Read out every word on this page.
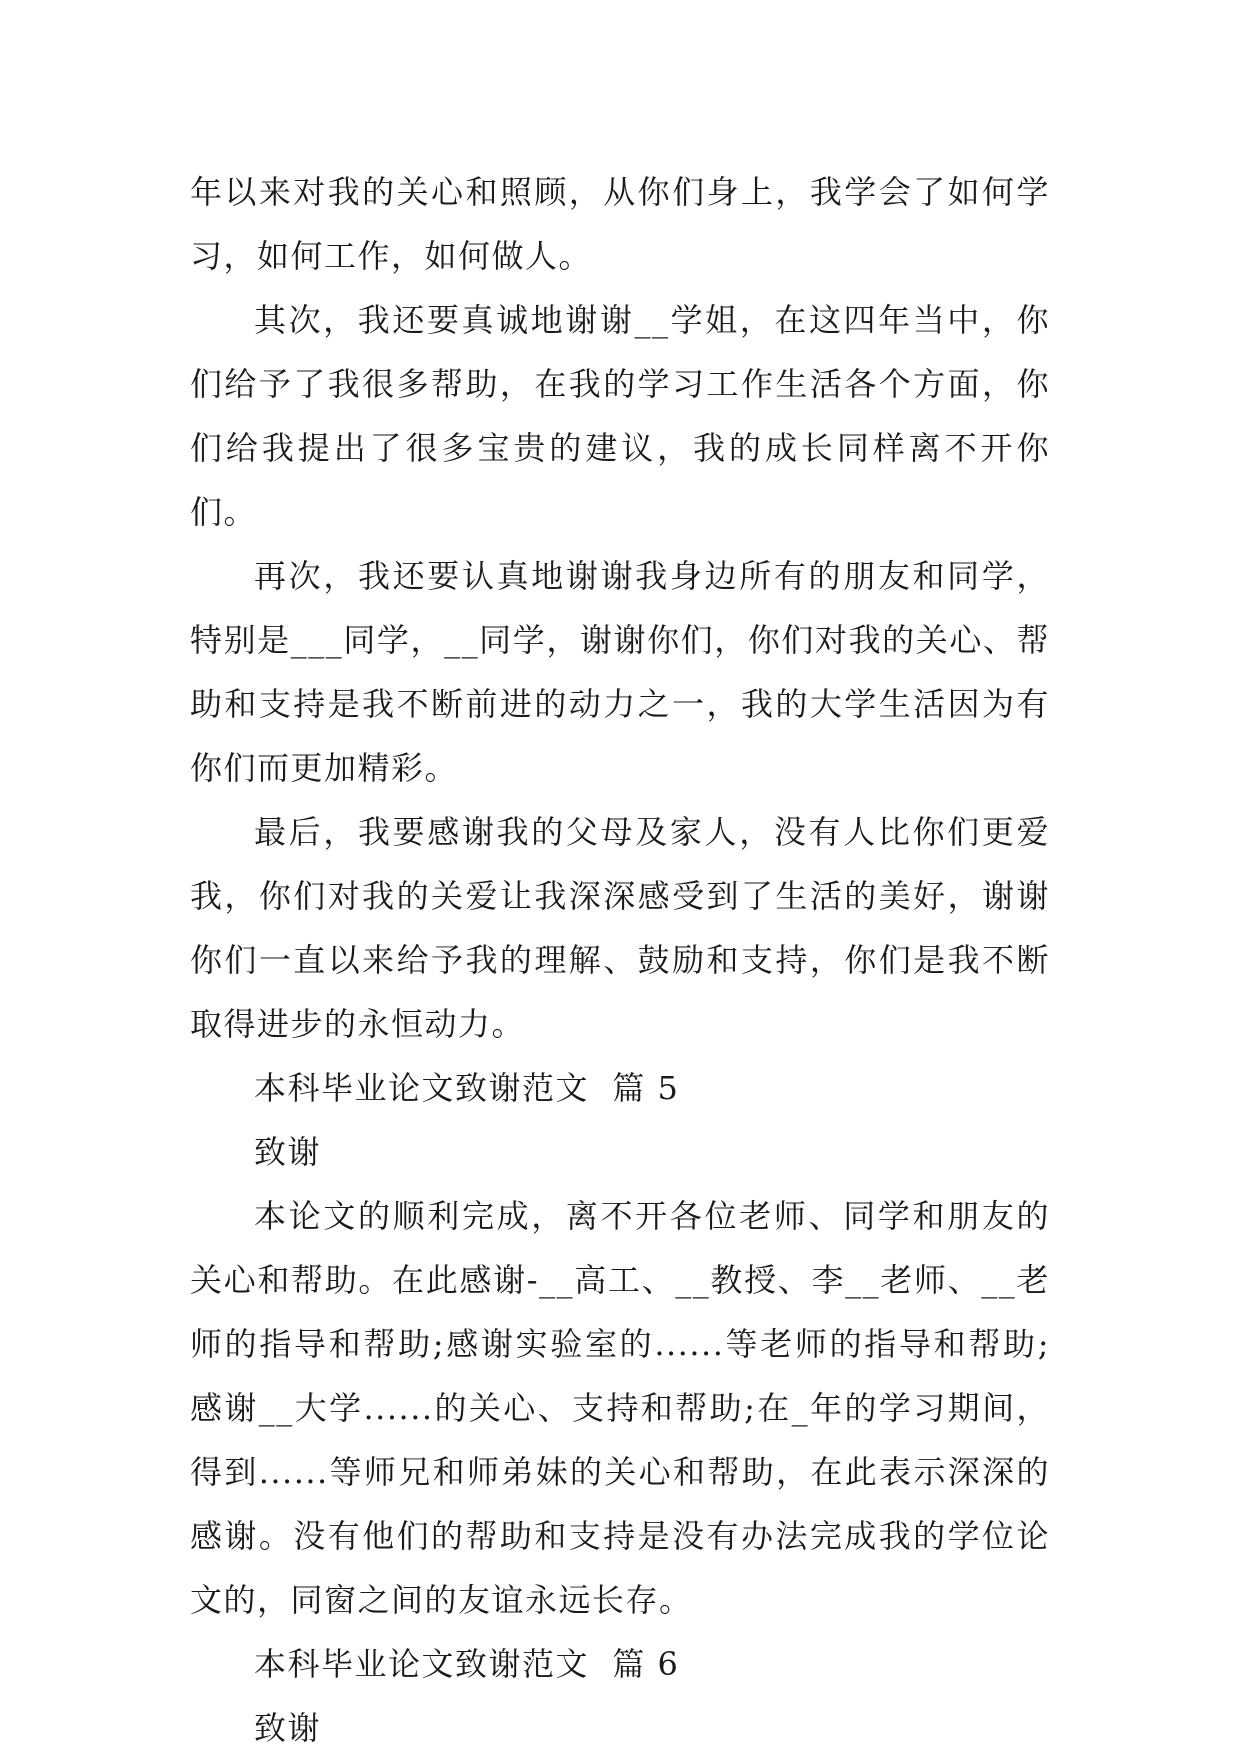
年以来对我的关心和照顾，从你们身上，我学会了如何学习，如何工作，如何做人。

其次，我还要真诚地谢谢__学姐，在这四年当中，你们给予了我很多帮助，在我的学习工作生活各个方面，你们给我提出了很多宝贵的建议，我的成长同样离不开你们。

再次，我还要认真地谢谢我身边所有的朋友和同学，特别是___同学，__同学，谢谢你们，你们对我的关心、帮助和支持是我不断前进的动力之一，我的大学生活因为有你们而更加精彩。

最后，我要感谢我的父母及家人，没有人比你们更爱我，你们对我的关爱让我深深感受到了生活的美好，谢谢你们一直以来给予我的理解、鼓励和支持，你们是我不断取得进步的永恒动力。

本科毕业论文致谢范文  篇 5

致谢

本论文的顺利完成，离不开各位老师、同学和朋友的关心和帮助。在此感谢-__高工、__教授、李__老师、__老师的指导和帮助;感谢实验室的......等老师的指导和帮助;感谢__大学......的关心、支持和帮助;在_年的学习期间，得到......等师兄和师弟妹的关心和帮助，在此表示深深的感谢。没有他们的帮助和支持是没有办法完成我的学位论文的，同窗之间的友谊永远长存。

本科毕业论文致谢范文  篇 6

致谢
